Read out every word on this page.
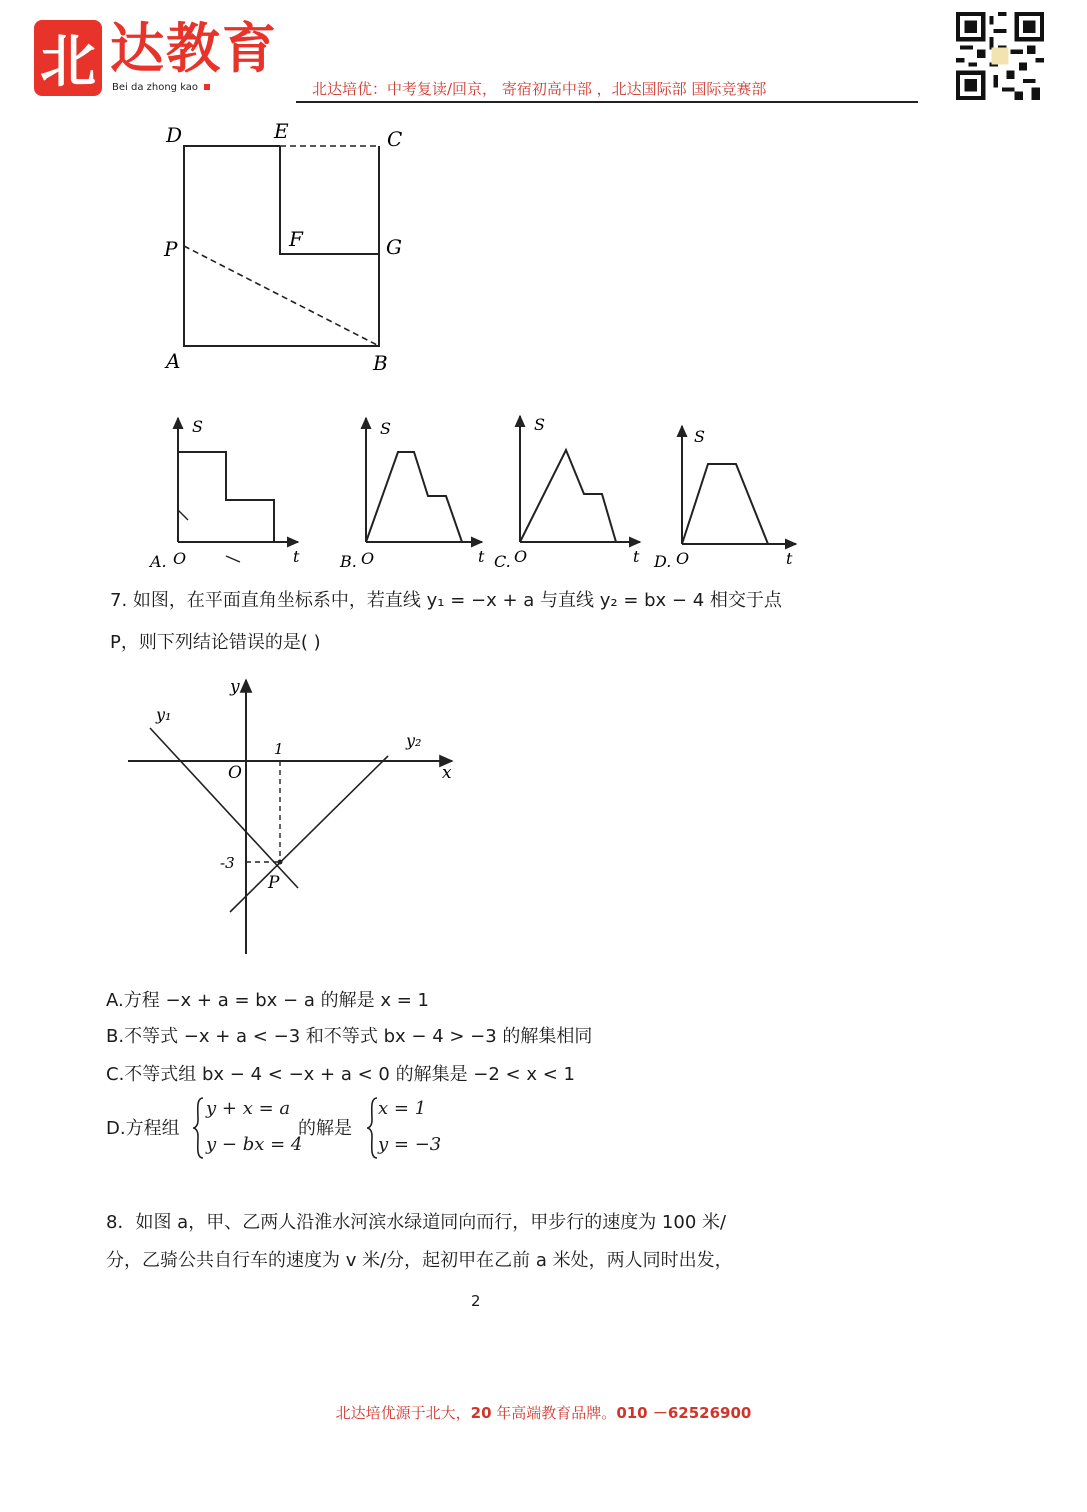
北 达教育
Bei da zhong kao	北达培优：中考复读/回京， 寄宿初高中部 ，北达国际部 国际竞赛部
D	E	C
F	G
P
A	B
A. O
S
t	B. O
S
t C. O
S
t D. O
S
t
7. 如图，在平面直角坐标系中，若直线 y₁ = −x + a 与直线 y₂ = bx − 4 相交于点
P，则下列结论错误的是( )
y
x
O
y₁
y₂
1
-3
P
A.方程 −x + a = bx − a 的解是 x = 1
B.不等式 −x + a < −3 和不等式 bx − 4 > −3 的解集相同
C.不等式组 bx − 4 < −x + a < 0 的解集是 −2 < x < 1
D.方程组
y + x = a
y − bx = 4
的解是
x = 1
y = −3
8．如图 a，甲、乙两人沿淮水河滨水绿道同向而行，甲步行的速度为 100 米/
分，乙骑公共自行车的速度为 v 米/分，起初甲在乙前 a 米处，两人同时出发，
2
北达培优源于北大，20 年高端教育品牌。010 －62526900
